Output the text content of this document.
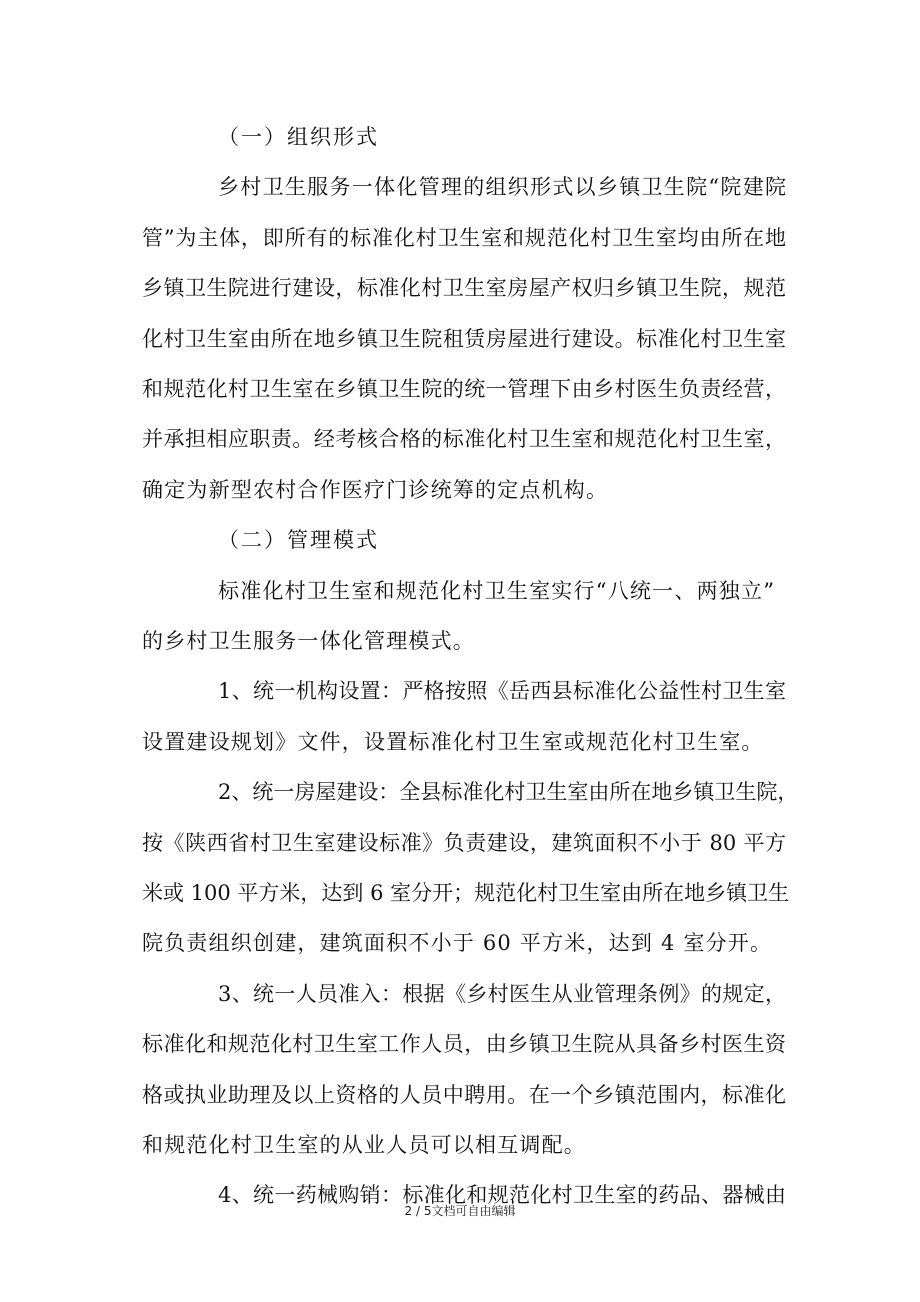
（一）组织形式
乡村卫生服务一体化管理的组织形式以乡镇卫生院“院建院
管”为主体，即所有的标准化村卫生室和规范化村卫生室均由所在地
乡镇卫生院进行建设，标准化村卫生室房屋产权归乡镇卫生院，规范
化村卫生室由所在地乡镇卫生院租赁房屋进行建设。标准化村卫生室
和规范化村卫生室在乡镇卫生院的统一管理下由乡村医生负责经营，
并承担相应职责。经考核合格的标准化村卫生室和规范化村卫生室，
确定为新型农村合作医疗门诊统筹的定点机构。
（二）管理模式
标准化村卫生室和规范化村卫生室实行“八统一、两独立”
的乡村卫生服务一体化管理模式。
1、统一机构设置：严格按照《岳西县标准化公益性村卫生室
设置建设规划》文件，设置标准化村卫生室或规范化村卫生室。
2、统一房屋建设：全县标准化村卫生室由所在地乡镇卫生院，
按《陕西省村卫生室建设标准》负责建设，建筑面积不小于 80 平方
米或 100 平方米，达到 6 室分开；规范化村卫生室由所在地乡镇卫生
院负责组织创建，建筑面积不小于 60 平方米，达到 4 室分开。
3、统一人员准入：根据《乡村医生从业管理条例》的规定，
标准化和规范化村卫生室工作人员，由乡镇卫生院从具备乡村医生资
格或执业助理及以上资格的人员中聘用。在一个乡镇范围内，标准化
和规范化村卫生室的从业人员可以相互调配。
4、统一药械购销：标准化和规范化村卫生室的药品、器械由
2 / 5文档可自由编辑
